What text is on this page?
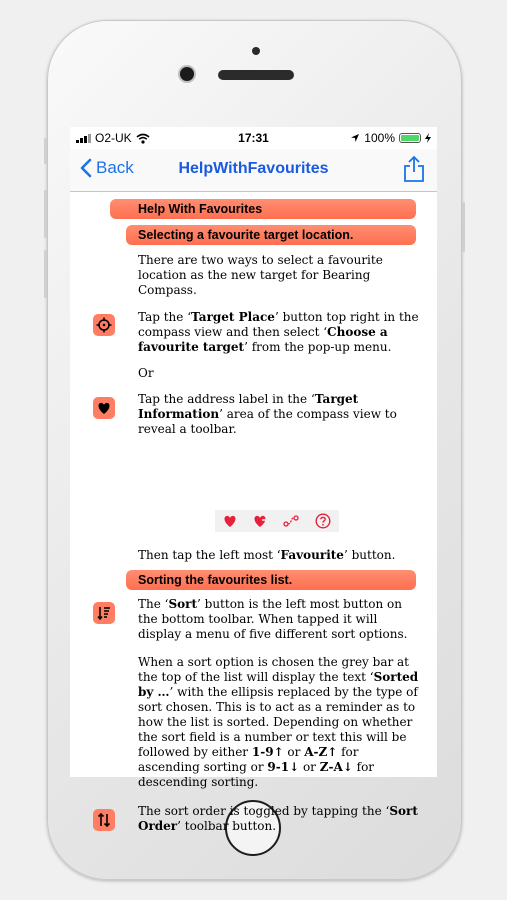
O2-UK	17:31	100%
Back	HelpWithFavourites
Help With Favourites
Selecting a favourite target location.
There are two ways to select a favourite location as the new target for Bearing Compass.
Tap the ‘Target Place’ button top right in the compass view and then select ‘Choose a favourite target’ from the pop-up menu.
Or
Tap the address label in the ‘Target Information’ area of the compass view to reveal a toolbar.
Then tap the left most ‘Favourite’ button.
Sorting the favourites list.
The ‘Sort’ button is the left most button on the bottom toolbar. When tapped it will display a menu of five different sort options.
When a sort option is chosen the grey bar at the top of the list will display the text ‘Sorted by …’ with the ellipsis replaced by the type of sort chosen. This is to act as a reminder as to how the list is sorted. Depending on whether the sort field is a number or text this will be followed by either 1-9↑ or A-Z↑ for ascending sorting or 9-1↓ or Z-A↓ for descending sorting.
The sort order is toggled by tapping the ‘Sort Order’ toolbar button.
